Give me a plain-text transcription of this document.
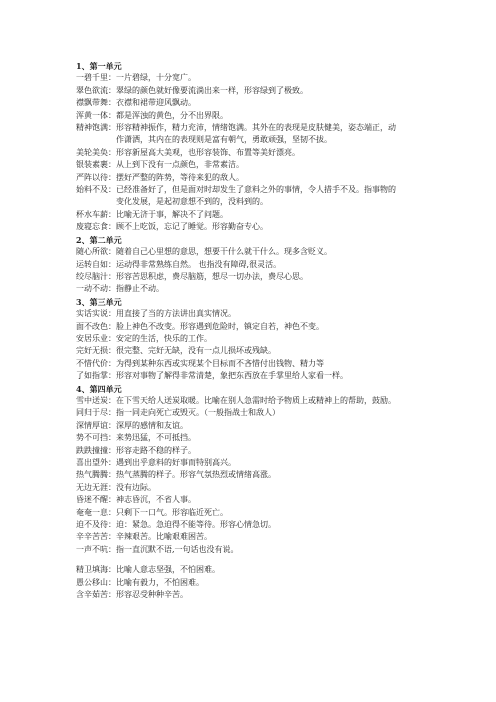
1、第一单元
一碧千里： 一片碧绿，十分宽广。
翠色欲流： 翠绿的颜色就好像要流淌出来一样，形容绿到了极致。
襟飘带舞： 衣襟和裙带迎风飘动。
浑黄一体： 都是浑浊的黄色，分不出界限。
精神饱满： 形容精神振作，精力充沛，情绪饱满。其外在的表现是皮肤健美，姿态端正，动
作潇洒，其内在的表现则是富有朝气，勇敢顽强，坚韧不拔。
美轮美奂： 形容新屋高大美观，也形容装饰、布置等美好漂亮。
银装素裹： 从上到下没有一点颜色，非常素洁。
严阵以待： 摆好严整的阵势，等待来犯的敌人。
始料不及： 已经准备好了，但是面对时却发生了意料之外的事情，令人措手不及。指事物的
变化发展，是起初意想不到的，没料到的。
杯水车薪： 比喻无济于事，解决不了问题。
废寝忘食： 顾不上吃饭，忘记了睡觉。形容勤奋专心。
2、第二单元
随心所欲： 随着自己心里想的意思，想要干什么就干什么。现多含贬义。
运转自如： 运动得非常熟练自然。 也指没有障碍,很灵活。
绞尽脑汁： 形容苦思积虑，费尽脑筋，想尽一切办法，费尽心思。
一动不动： 指静止不动。
3、第三单元
实话实说： 用直接了当的方法讲出真实情况。
面不改色： 脸上神色不改变。形容遇到危险时，镇定自若，神色不变。
安居乐业： 安定的生活，快乐的工作。
完好无损： 很完整、完好无缺，没有一点儿损坏或残缺。
不惜代价： 为得到某种东西或实现某个目标而不吝惜付出钱物、精力等
了如指掌： 形容对事物了解得非常清楚，象把东西放在手掌里给人家看一样。
4、第四单元
雪中送炭： 在下雪天给人送炭取暖。比喻在别人急需时给予物质上或精神上的帮助，鼓励。
同归于尽： 指一同走向死亡或毁灭。（一般指战士和敌人）
深情厚谊： 深厚的感情和友谊。
势不可挡： 来势迅猛，不可抵挡。
跌跌撞撞： 形容走路不稳的样子。
喜出望外： 遇到出乎意料的好事而特别高兴。
热气腾腾： 热气蒸腾的样子。形容气氛热烈或情绪高涨。
无边无涯： 没有边际。
昏迷不醒： 神志昏沉，不省人事。
奄奄一息： 只剩下一口气。形容临近死亡。
迫不及待： 迫：紧急。急迫得不能等待。形容心情急切。
辛辛苦苦： 辛辣艰苦。比喻艰难困苦。
一声不吭： 指一直沉默不语,一句话也没有说。
精卫填海： 比喻人意志坚强，不怕困难。
愚公移山： 比喻有毅力，不怕困难。
含辛茹苦： 形容忍受种种辛苦。
